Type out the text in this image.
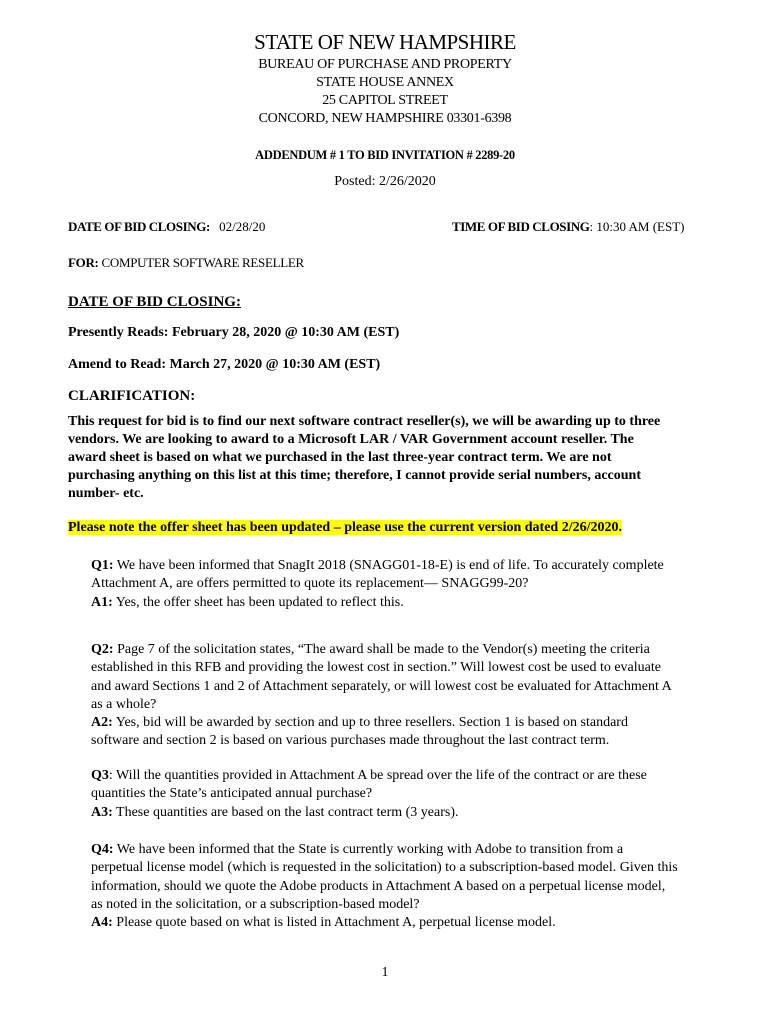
STATE OF NEW HAMPSHIRE
BUREAU OF PURCHASE AND PROPERTY
STATE HOUSE ANNEX
25 CAPITOL STREET
CONCORD, NEW HAMPSHIRE 03301-6398
ADDENDUM # 1 TO BID INVITATION # 2289-20
Posted: 2/26/2020
DATE OF BID CLOSING: 02/28/20	TIME OF BID CLOSING: 10:30 AM (EST)
FOR: COMPUTER SOFTWARE RESELLER
DATE OF BID CLOSING:
Presently Reads: February 28, 2020 @ 10:30 AM (EST)
Amend to Read: March 27, 2020 @ 10:30 AM (EST)
CLARIFICATION:
This request for bid is to find our next software contract reseller(s), we will be awarding up to three
vendors. We are looking to award to a Microsoft LAR / VAR Government account reseller. The
award sheet is based on what we purchased in the last three-year contract term. We are not
purchasing anything on this list at this time; therefore, I cannot provide serial numbers, account
number- etc.
Please note the offer sheet has been updated – please use the current version dated 2/26/2020.
Q1: We have been informed that SnagIt 2018 (SNAGG01-18-E) is end of life. To accurately complete
Attachment A, are offers permitted to quote its replacement— SNAGG99-20?
A1: Yes, the offer sheet has been updated to reflect this.
Q2: Page 7 of the solicitation states, “The award shall be made to the Vendor(s) meeting the criteria
established in this RFB and providing the lowest cost in section.” Will lowest cost be used to evaluate
and award Sections 1 and 2 of Attachment separately, or will lowest cost be evaluated for Attachment A
as a whole?
A2: Yes, bid will be awarded by section and up to three resellers. Section 1 is based on standard
software and section 2 is based on various purchases made throughout the last contract term.
Q3: Will the quantities provided in Attachment A be spread over the life of the contract or are these
quantities the State’s anticipated annual purchase?
A3: These quantities are based on the last contract term (3 years).
Q4: We have been informed that the State is currently working with Adobe to transition from a
perpetual license model (which is requested in the solicitation) to a subscription-based model. Given this
information, should we quote the Adobe products in Attachment A based on a perpetual license model,
as noted in the solicitation, or a subscription-based model?
A4: Please quote based on what is listed in Attachment A, perpetual license model.
1
